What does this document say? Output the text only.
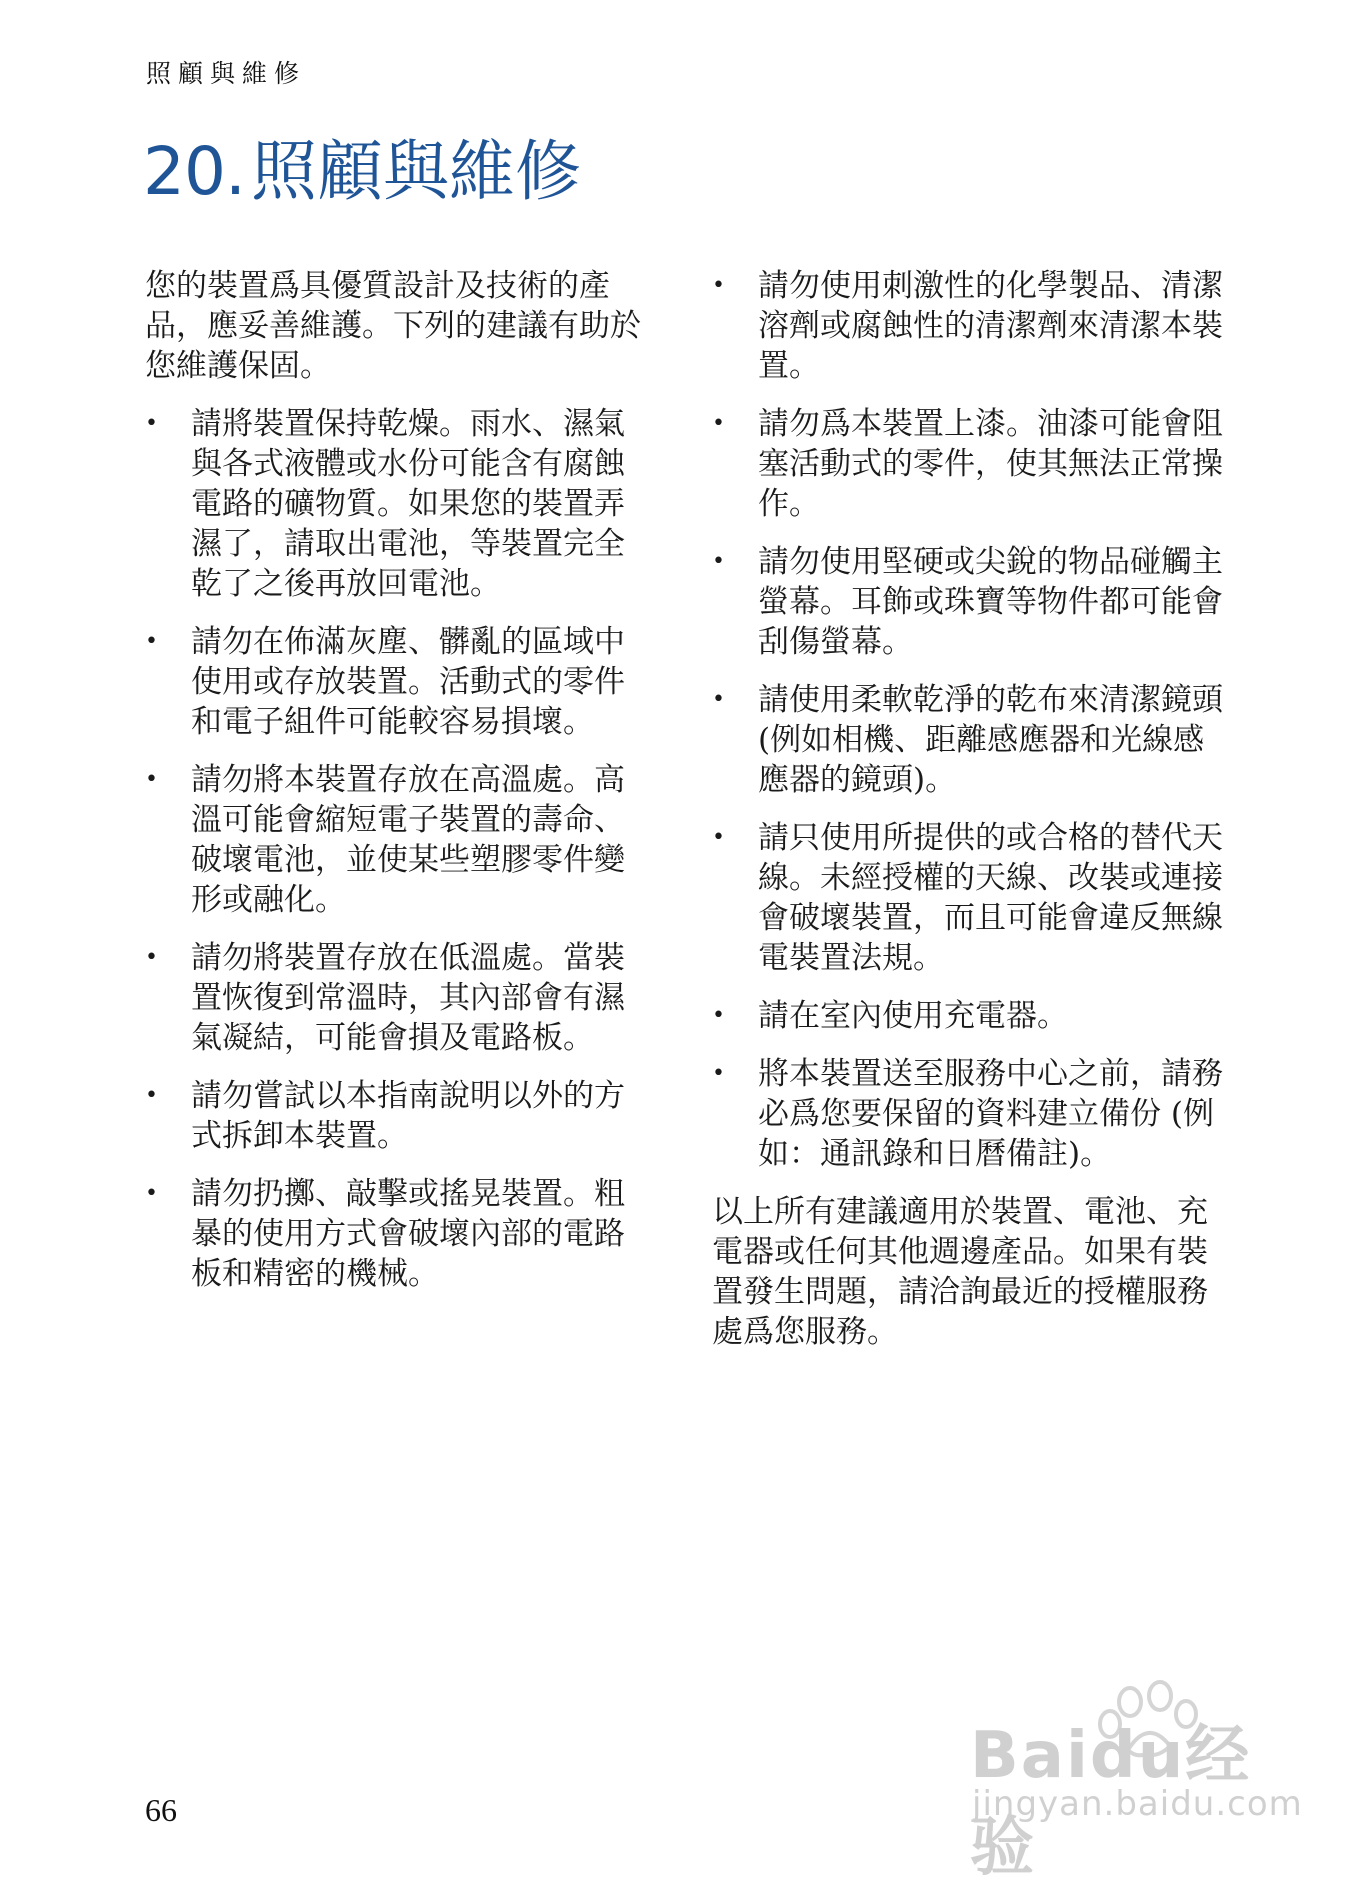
照顧與維修
20.照顧與維修

您的裝置爲具優質設計及技術的產品，應妥善維護。下列的建議有助於您維護保固。

•	請將裝置保持乾燥。雨水、濕氣與各式液體或水份可能含有腐蝕電路的礦物質。如果您的裝置弄濕了，請取出電池，等裝置完全乾了之後再放回電池。
•	請勿在佈滿灰塵、髒亂的區域中使用或存放裝置。活動式的零件和電子組件可能較容易損壞。
•	請勿將本裝置存放在高溫處。高溫可能會縮短電子裝置的壽命、破壞電池，並使某些塑膠零件變形或融化。
•	請勿將裝置存放在低溫處。當裝置恢復到常溫時，其內部會有濕氣凝結，可能會損及電路板。
•	請勿嘗試以本指南說明以外的方式拆卸本裝置。
•	請勿扔擲、敲擊或搖晃裝置。粗暴的使用方式會破壞內部的電路板和精密的機械。
•	請勿使用刺激性的化學製品、清潔溶劑或腐蝕性的清潔劑來清潔本裝置。
•	請勿爲本裝置上漆。油漆可能會阻塞活動式的零件，使其無法正常操作。
•	請勿使用堅硬或尖銳的物品碰觸主螢幕。耳飾或珠寶等物件都可能會刮傷螢幕。
•	請使用柔軟乾淨的乾布來清潔鏡頭 (例如相機、距離感應器和光線感應器的鏡頭)。
•	請只使用所提供的或合格的替代天線。未經授權的天線、改裝或連接會破壞裝置，而且可能會違反無線電裝置法規。
•	請在室內使用充電器。
•	將本裝置送至服務中心之前，請務必爲您要保留的資料建立備份 (例如：通訊錄和日曆備註)。

以上所有建議適用於裝置、電池、充電器或任何其他週邊產品。如果有裝置發生問題，請洽詢最近的授權服務處爲您服務。

66
Baidu经验
jingyan.baidu.com
